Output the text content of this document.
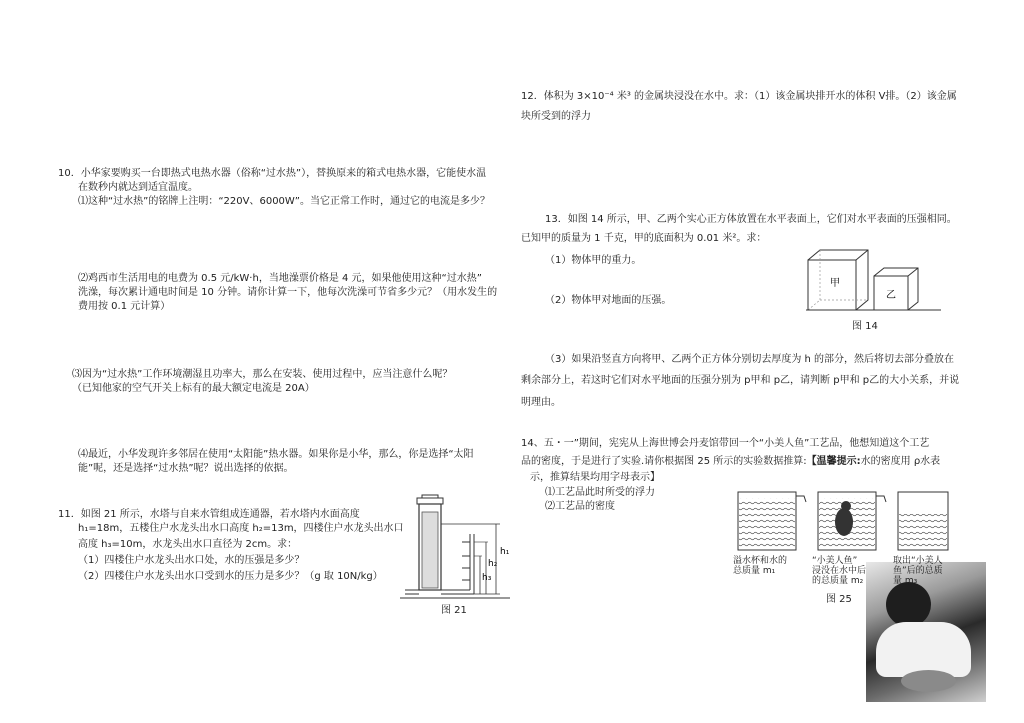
10．小华家要购买一台即热式电热水器（俗称“过水热”），替换原来的箱式电热水器，它能使水温
在数秒内就达到适宜温度。
⑴这种“过水热”的铭牌上注明：“220V、6000W”。当它正常工作时，通过它的电流是多少？
⑵鸡西市生活用电的电费为 0.5 元/kW·h，当地澡票价格是 4 元，如果他使用这种“过水热”
洗澡，每次累计通电时间是 10 分钟。请你计算一下，他每次洗澡可节省多少元？（用水发生的
费用按 0.1 元计算）
⑶因为“过水热”工作环境潮湿且功率大，那么在安装、使用过程中，应当注意什么呢？
（已知他家的空气开关上标有的最大额定电流是 20A）
⑷最近，小华发现许多邻居在使用“太阳能”热水器。如果你是小华，那么，你是选择“太阳
能”呢，还是选择“过水热”呢？说出选择的依据。
11．如图 21 所示，水塔与自来水管组成连通器，若水塔内水面高度
h₁=18m，五楼住户水龙头出水口高度 h₂=13m，四楼住户水龙头出水口
高度 h₃=10m，水龙头出水口直径为 2cm。求：
（1）四楼住户水龙头出水口处，水的压强是多少？
（2）四楼住户水龙头出水口受到水的压力是多少？（g 取 10N/kg）
h₁
h₂
h₃
图 21
12．体积为 3×10⁻⁴ 米³ 的金属块浸没在水中。求：（1）该金属块排开水的体积 V排。（2）该金属
块所受到的浮力
13．如图 14 所示，甲、乙两个实心正方体放置在水平表面上，它们对水平表面的压强相同。
已知甲的质量为 1 千克，甲的底面积为 0.01 米²。求：
（1）物体甲的重力。
（2）物体甲对地面的压强。
（3）如果沿竖直方向将甲、乙两个正方体分别切去厚度为 h 的部分，然后将切去部分叠放在
剩余部分上，若这时它们对水平地面的压强分别为 p甲和 p乙，请判断 p甲和 p乙的大小关系，并说
明理由。
甲
乙
图 14
14、五・一”期间，宪宪从上海世博会丹麦馆带回一个“小美人鱼”工艺品，他想知道这个工艺
品的密度，于是进行了实验.请你根据图 25 所示的实验数据推算:【温馨提示:水的密度用 ρ水表
示，推算结果均用字母表示】
⑴工艺品此时所受的浮力
⑵工艺品的密度
溢水杯和水的
总质量 m₁
“小美人鱼”
浸没在水中后
的总质量 m₂
取出“小美人
鱼”后的总质
量 m₃
图 25
